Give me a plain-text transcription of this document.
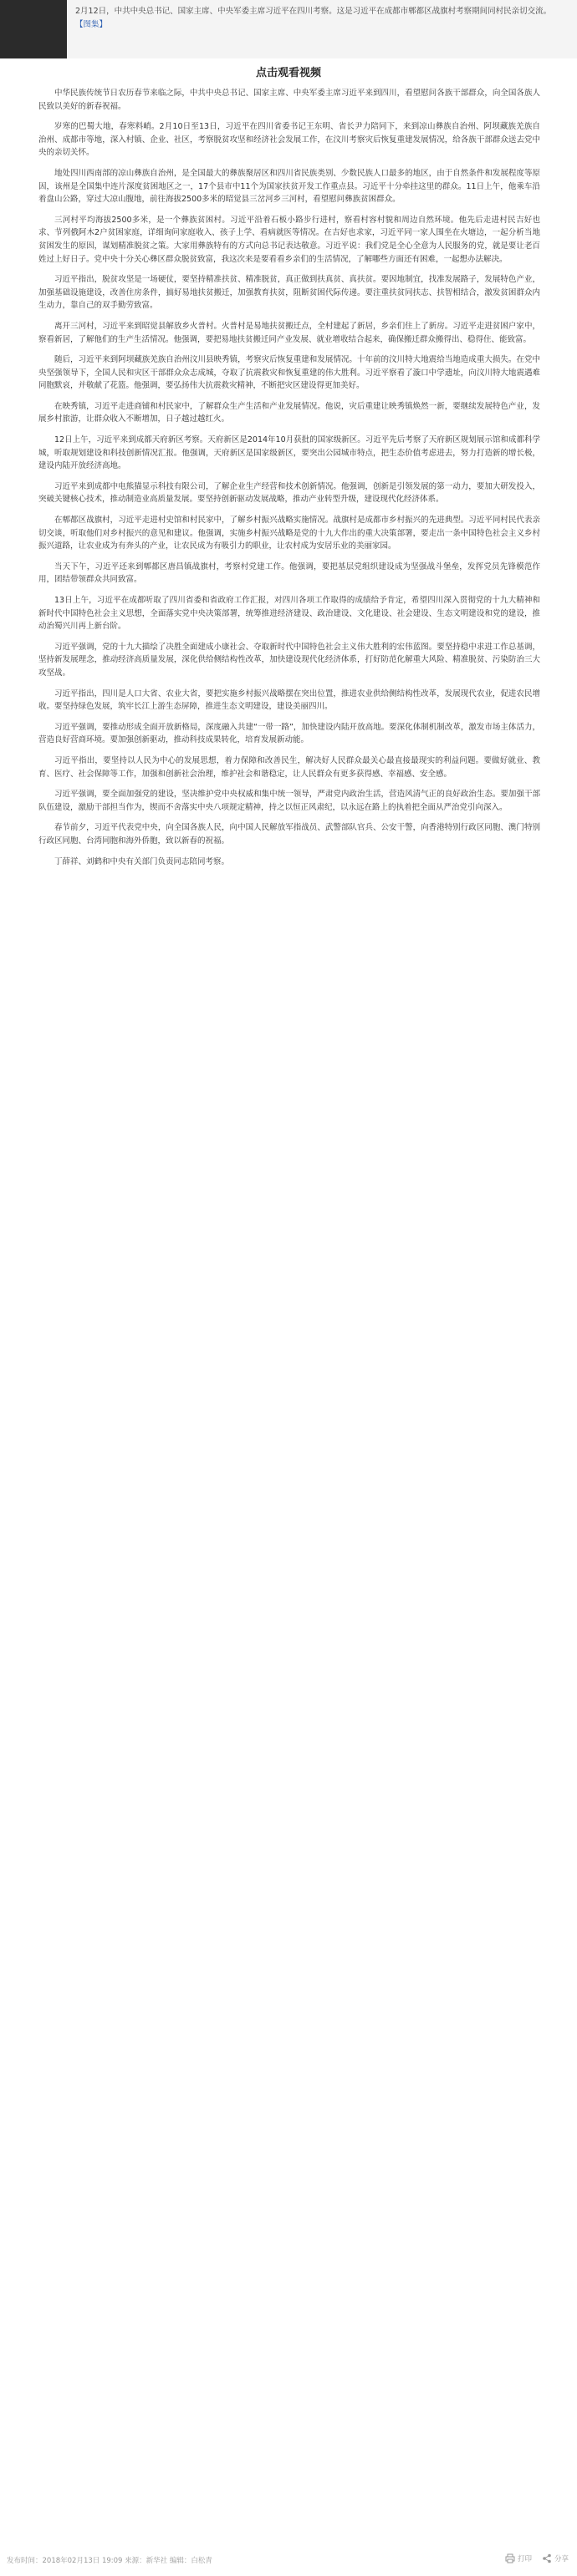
2月12日，中共中央总书记、国家主席、中央军委主席习近平在四川考察。这是习近平在成都市郫都区战旗村考察期间同村民亲切交流。【图集】
点击观看视频

中华民族传统节日农历春节来临之际，中共中央总书记、国家主席、中央军委主席习近平来到四川，看望慰问各族干部群众，向全国各族人民致以美好的新春祝福。

岁寒的巴蜀大地，春寒料峭。2月10日至13日，习近平在四川省委书记王东明、省长尹力陪同下，来到凉山彝族自治州、阿坝藏族羌族自治州、成都市等地，深入村镇、企业、社区，考察脱贫攻坚和经济社会发展工作，在汶川考察灾后恢复重建发展情况，给各族干部群众送去党中央的亲切关怀。

地处四川西南部的凉山彝族自治州，是全国最大的彝族聚居区和四川省民族类别、少数民族人口最多的地区，由于自然条件和发展程度等原因，该州是全国集中连片深度贫困地区之一，17个县市中11个为国家扶贫开发工作重点县。习近平十分牵挂这里的群众。11日上午，他乘车沿着盘山公路，穿过大凉山腹地，前往海拔2500多米的昭觉县三岔河乡三河村，看望慰问彝族贫困群众。

三河村平均海拔2500多米，是一个彝族贫困村。习近平沿着石板小路步行进村，察看村容村貌和周边自然环境。他先后走进村民吉好也求、节列俄阿木2户贫困家庭，详细询问家庭收入、孩子上学、看病就医等情况。在吉好也求家，习近平同一家人围坐在火塘边，一起分析当地贫困发生的原因，谋划精准脱贫之策。大家用彝族特有的方式向总书记表达敬意。习近平说：我们党是全心全意为人民服务的党，就是要让老百姓过上好日子。党中央十分关心彝区群众脱贫致富，我这次来是要看看乡亲们的生活情况，了解哪些方面还有困难，一起想办法解决。

习近平指出，脱贫攻坚是一场硬仗，要坚持精准扶贫、精准脱贫，真正做到扶真贫、真扶贫。要因地制宜，找准发展路子，发展特色产业，加强基础设施建设，改善住房条件，搞好易地扶贫搬迁，加强教育扶贫，阻断贫困代际传递。要注重扶贫同扶志、扶智相结合，激发贫困群众内生动力，靠自己的双手勤劳致富。

离开三河村，习近平来到昭觉县解放乡火普村。火普村是易地扶贫搬迁点，全村建起了新居，乡亲们住上了新房。习近平走进贫困户家中，察看新居，了解他们的生产生活情况。他强调，要把易地扶贫搬迁同产业发展、就业增收结合起来，确保搬迁群众搬得出、稳得住、能致富。

随后，习近平来到阿坝藏族羌族自治州汶川县映秀镇，考察灾后恢复重建和发展情况。十年前的汶川特大地震给当地造成重大损失。在党中央坚强领导下，全国人民和灾区干部群众众志成城，夺取了抗震救灾和恢复重建的伟大胜利。习近平察看了漩口中学遗址，向汶川特大地震遇难同胞默哀，并敬献了花篮。他强调，要弘扬伟大抗震救灾精神，不断把灾区建设得更加美好。

在映秀镇，习近平走进商铺和村民家中，了解群众生产生活和产业发展情况。他说，灾后重建让映秀镇焕然一新，要继续发展特色产业，发展乡村旅游，让群众收入不断增加，日子越过越红火。

12日上午，习近平来到成都天府新区考察。天府新区是2014年10月获批的国家级新区。习近平先后考察了天府新区规划展示馆和成都科学城，听取规划建设和科技创新情况汇报。他强调，天府新区是国家级新区，要突出公园城市特点，把生态价值考虑进去，努力打造新的增长极，建设内陆开放经济高地。

习近平来到成都中电熊猫显示科技有限公司，了解企业生产经营和技术创新情况。他强调，创新是引领发展的第一动力，要加大研发投入，突破关键核心技术，推动制造业高质量发展。要坚持创新驱动发展战略，推动产业转型升级，建设现代化经济体系。

在郫都区战旗村，习近平走进村史馆和村民家中，了解乡村振兴战略实施情况。战旗村是成都市乡村振兴的先进典型。习近平同村民代表亲切交谈，听取他们对乡村振兴的意见和建议。他强调，实施乡村振兴战略是党的十九大作出的重大决策部署，要走出一条中国特色社会主义乡村振兴道路，让农业成为有奔头的产业，让农民成为有吸引力的职业，让农村成为安居乐业的美丽家园。

当天下午，习近平还来到郫都区唐昌镇战旗村，考察村党建工作。他强调，要把基层党组织建设成为坚强战斗堡垒，发挥党员先锋模范作用，团结带领群众共同致富。

13日上午，习近平在成都听取了四川省委和省政府工作汇报，对四川各项工作取得的成绩给予肯定，希望四川深入贯彻党的十九大精神和新时代中国特色社会主义思想，全面落实党中央决策部署，统筹推进经济建设、政治建设、文化建设、社会建设、生态文明建设和党的建设，推动治蜀兴川再上新台阶。

习近平强调，党的十九大描绘了决胜全面建成小康社会、夺取新时代中国特色社会主义伟大胜利的宏伟蓝图。要坚持稳中求进工作总基调，坚持新发展理念，推动经济高质量发展，深化供给侧结构性改革，加快建设现代化经济体系，打好防范化解重大风险、精准脱贫、污染防治三大攻坚战。

习近平指出，四川是人口大省、农业大省，要把实施乡村振兴战略摆在突出位置，推进农业供给侧结构性改革，发展现代农业，促进农民增收。要坚持绿色发展，筑牢长江上游生态屏障，推进生态文明建设，建设美丽四川。

习近平强调，要推动形成全面开放新格局，深度融入共建“一带一路”，加快建设内陆开放高地。要深化体制机制改革，激发市场主体活力，营造良好营商环境。要加强创新驱动，推动科技成果转化，培育发展新动能。

习近平指出，要坚持以人民为中心的发展思想，着力保障和改善民生，解决好人民群众最关心最直接最现实的利益问题。要做好就业、教育、医疗、社会保障等工作，加强和创新社会治理，维护社会和谐稳定，让人民群众有更多获得感、幸福感、安全感。

习近平强调，要全面加强党的建设，坚决维护党中央权威和集中统一领导，严肃党内政治生活，营造风清气正的良好政治生态。要加强干部队伍建设，激励干部担当作为，锲而不舍落实中央八项规定精神，持之以恒正风肃纪，以永远在路上的执着把全面从严治党引向深入。

春节前夕，习近平代表党中央，向全国各族人民，向中国人民解放军指战员、武警部队官兵、公安干警，向香港特别行政区同胞、澳门特别行政区同胞、台湾同胞和海外侨胞，致以新春的祝福。

丁薛祥、刘鹤和中央有关部门负责同志陪同考察。

发布时间：2018年02月13日 19:09 来源：新华社 编辑：白松青	打印	分享
